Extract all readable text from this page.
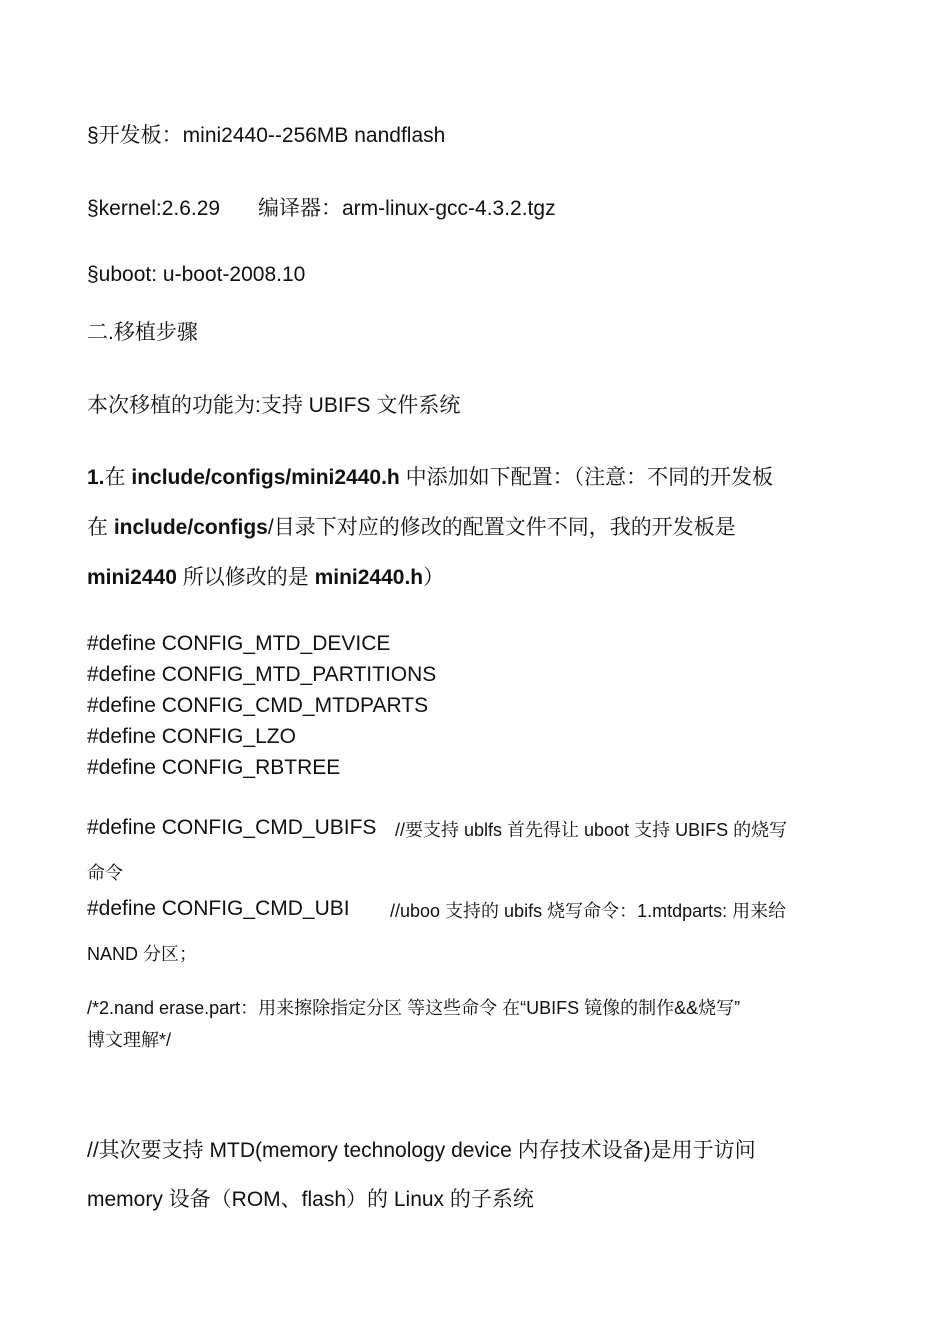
§开发板：mini2440--256MB nandflash
§kernel:2.6.29 编译器：arm-linux-gcc-4.3.2.tgz
§uboot: u-boot-2008.10
二.移植步骤
本次移植的功能为:支持 UBIFS 文件系统
1.在 include/configs/mini2440.h 中添加如下配置：（注意：不同的开发板
在 include/configs/目录下对应的修改的配置文件不同，我的开发板是
mini2440 所以修改的是 mini2440.h）
#define CONFIG_MTD_DEVICE
#define CONFIG_MTD_PARTITIONS
#define CONFIG_CMD_MTDPARTS
#define CONFIG_LZO
#define CONFIG_RBTREE
#define CONFIG_CMD_UBIFS //要支持 ublfs 首先得让 uboot 支持 UBIFS 的烧写
命令
#define CONFIG_CMD_UBI //uboo 支持的 ubifs 烧写命令：1.mtdparts: 用来给
NAND 分区；
/*2.nand erase.part：用来擦除指定分区 等这些命令 在“UBIFS 镜像的制作&&烧写”
博文理解*/
//其次要支持 MTD(memory technology device 内存技术设备)是用于访问
memory 设备（ROM、flash）的 Linux 的子系统
